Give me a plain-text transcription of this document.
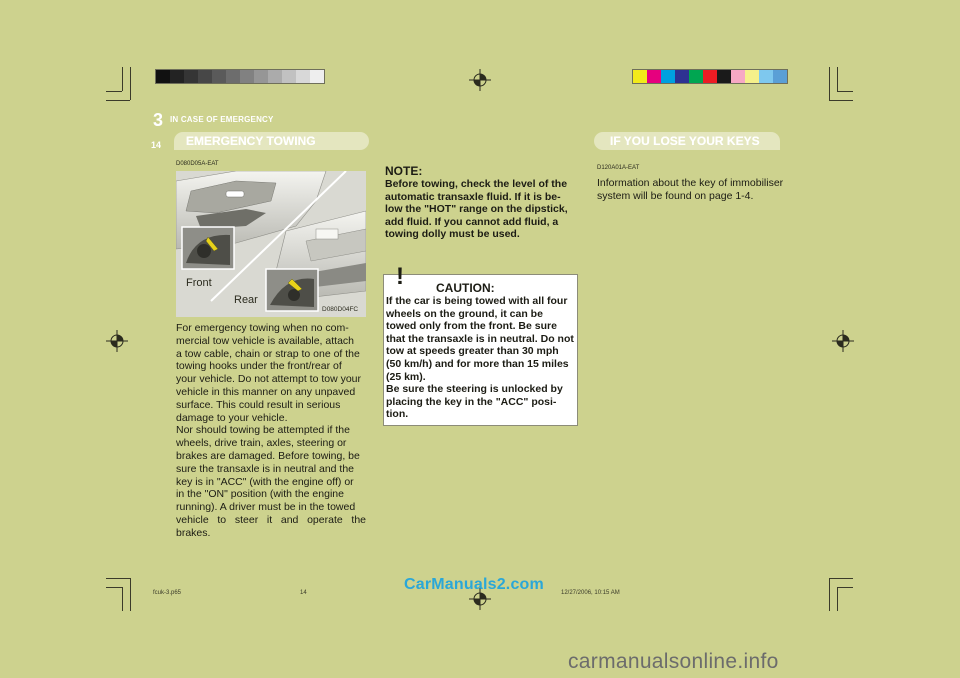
3 IN CASE OF EMERGENCY
14 EMERGENCY TOWING	IF YOU LOSE YOUR KEYS
D080D05A-EAT
Front
Rear
D080D04FC
For emergency towing when no com-
mercial tow vehicle is available, attach
a tow cable, chain or strap to one of the
towing hooks under the front/rear of
your vehicle. Do not attempt to tow your
vehicle in this manner on any unpaved
surface. This could result in serious
damage to your vehicle.
Nor should towing be attempted if the
wheels, drive train, axles, steering or
brakes are damaged. Before towing, be
sure the transaxle is in neutral and the
key is in "ACC" (with the engine off) or
in the "ON" position (with the engine
running). A driver must be in the towed
vehicle to steer it and operate the brakes.
NOTE:
Before towing, check the level of the
automatic transaxle fluid. If it is be-
low the "HOT" range on the dipstick,
add fluid. If you cannot add fluid, a
towing dolly must be used.
!	CAUTION:
If the car is being towed with all four
wheels on the ground, it can be
towed only from the front. Be sure
that the transaxle is in neutral. Do not
tow at speeds greater than 30 mph
(50 km/h) and for more than 15 miles
(25 km).
Be sure the steering is unlocked by
placing the key in the "ACC" posi-
tion.
D120A01A-EAT
Information about the key of immobiliser
system will be found on page 1-4.
fcuk-3.p65	14	12/27/2006, 10:15 AM
CarManuals2.com
carmanualsonline.info
